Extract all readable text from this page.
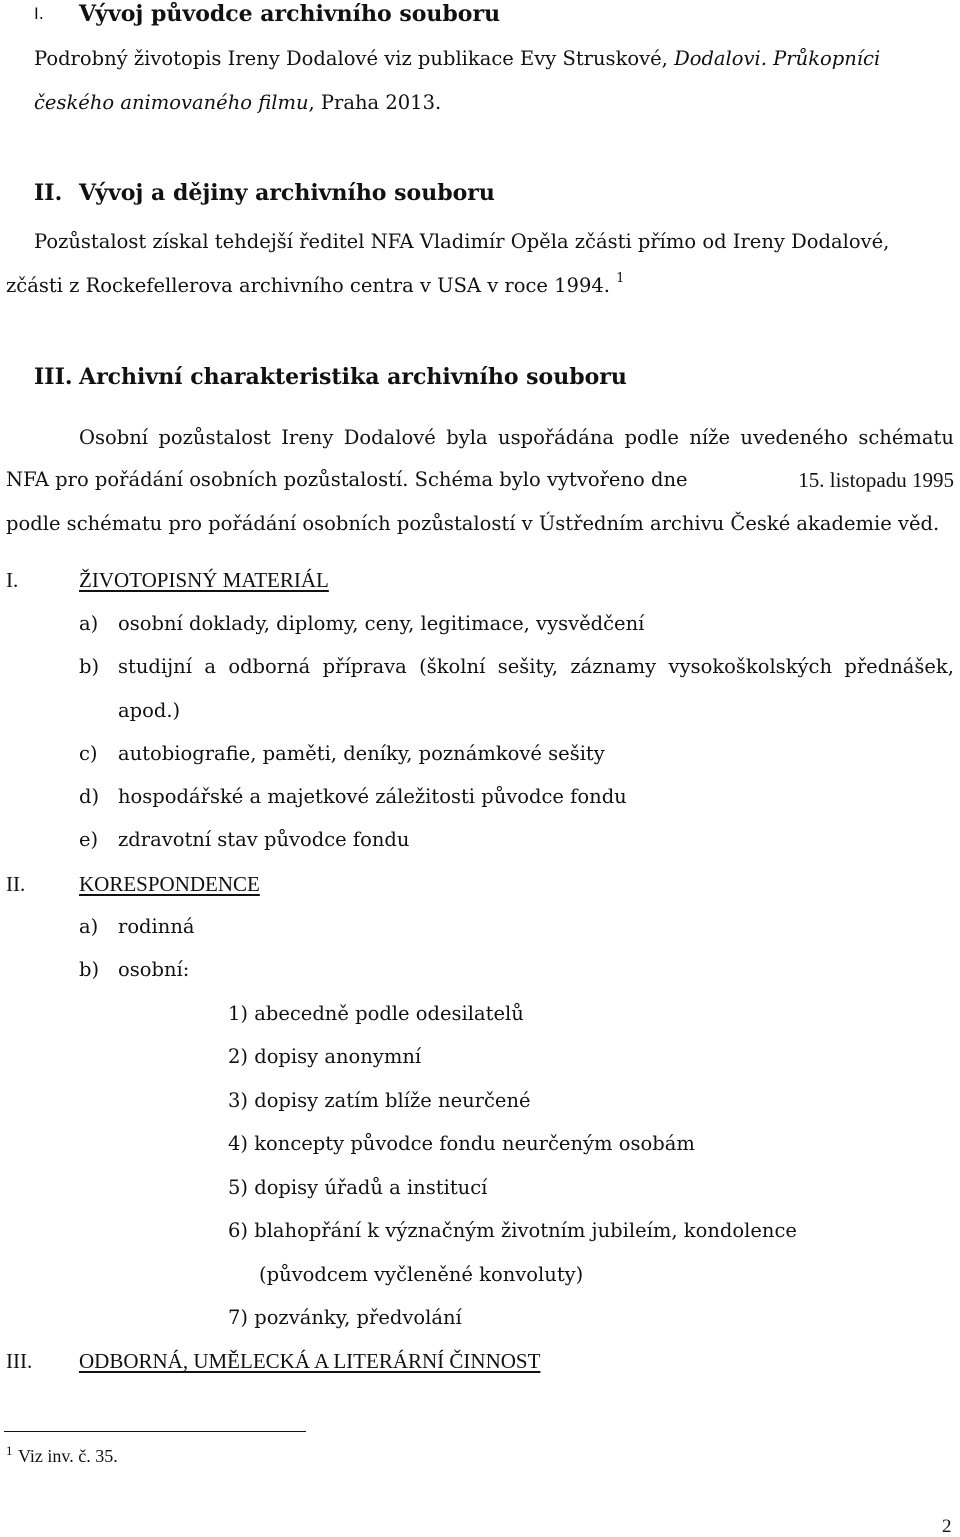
I. Vývoj původce archivního souboru
Podrobný životopis Ireny Dodalové viz publikace Evy Struskové, Dodalovi. Průkopníci
českého animovaného filmu, Praha 2013.
II. Vývoj a dějiny archivního souboru
Pozůstalost získal tehdejší ředitel NFA Vladimír Opěla zčásti přímo od Ireny Dodalové,
zčásti z Rockefellerova archivního centra v USA v roce 1994. $^1$
III. Archivní charakteristika archivního souboru
Osobní pozůstalost Ireny Dodalové byla uspořádána podle níže uvedeného schématu
NFA pro pořádání osobních pozůstalostí. Schéma bylo vytvořeno dne	15. listopadu 1995
podle schématu pro pořádání osobních pozůstalostí v Ústředním archivu České akademie věd.
I.	ŽIVOTOPISNÝ MATERIÁL
a) osobní doklady, diplomy, ceny, legitimace, vysvědčení
b) studijní a odborná příprava (školní sešity, záznamy vysokoškolských přednášek,
apod.)
c) autobiografie, paměti, deníky, poznámkové sešity
d) hospodářské a majetkové záležitosti původce fondu
e) zdravotní stav původce fondu
II.	KORESPONDENCE
a) rodinná
b) osobní:
1) abecedně podle odesilatelů
2) dopisy anonymní
3) dopisy zatím blíže neurčené
4) koncepty původce fondu neurčeným osobám
5) dopisy úřadů a institucí
6) blahopřání k význačným životním jubileím, kondolence
(původcem vyčleněné konvoluty)
7) pozvánky, předvolání
III. ODBORNÁ, UMĚLECKÁ A LITERÁRNÍ ČINNOST
1 Viz inv. č. 35.
2
